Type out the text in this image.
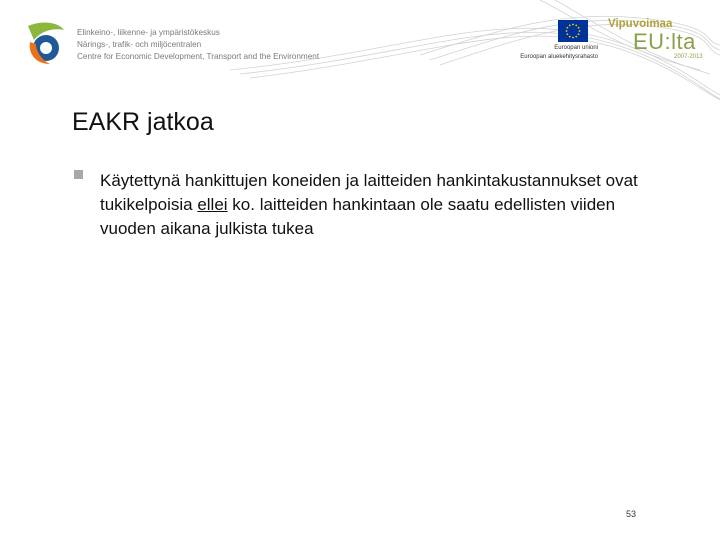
Elinkeino-, liikenne- ja ympäristökeskus
Närings-, trafik- och miljöcentralen
Centre for Economic Development, Transport and the Environment
Euroopan unioni
Euroopan aluekehitysrahasto
Vipuvoimaa
EU:lta
2007-2013
EAKR jatkoa
Käytettynä hankittujen koneiden ja laitteiden hankintakustannukset ovat tukikelpoisia ellei ko. laitteiden hankintaan ole saatu edellisten viiden vuoden aikana julkista tukea
53
